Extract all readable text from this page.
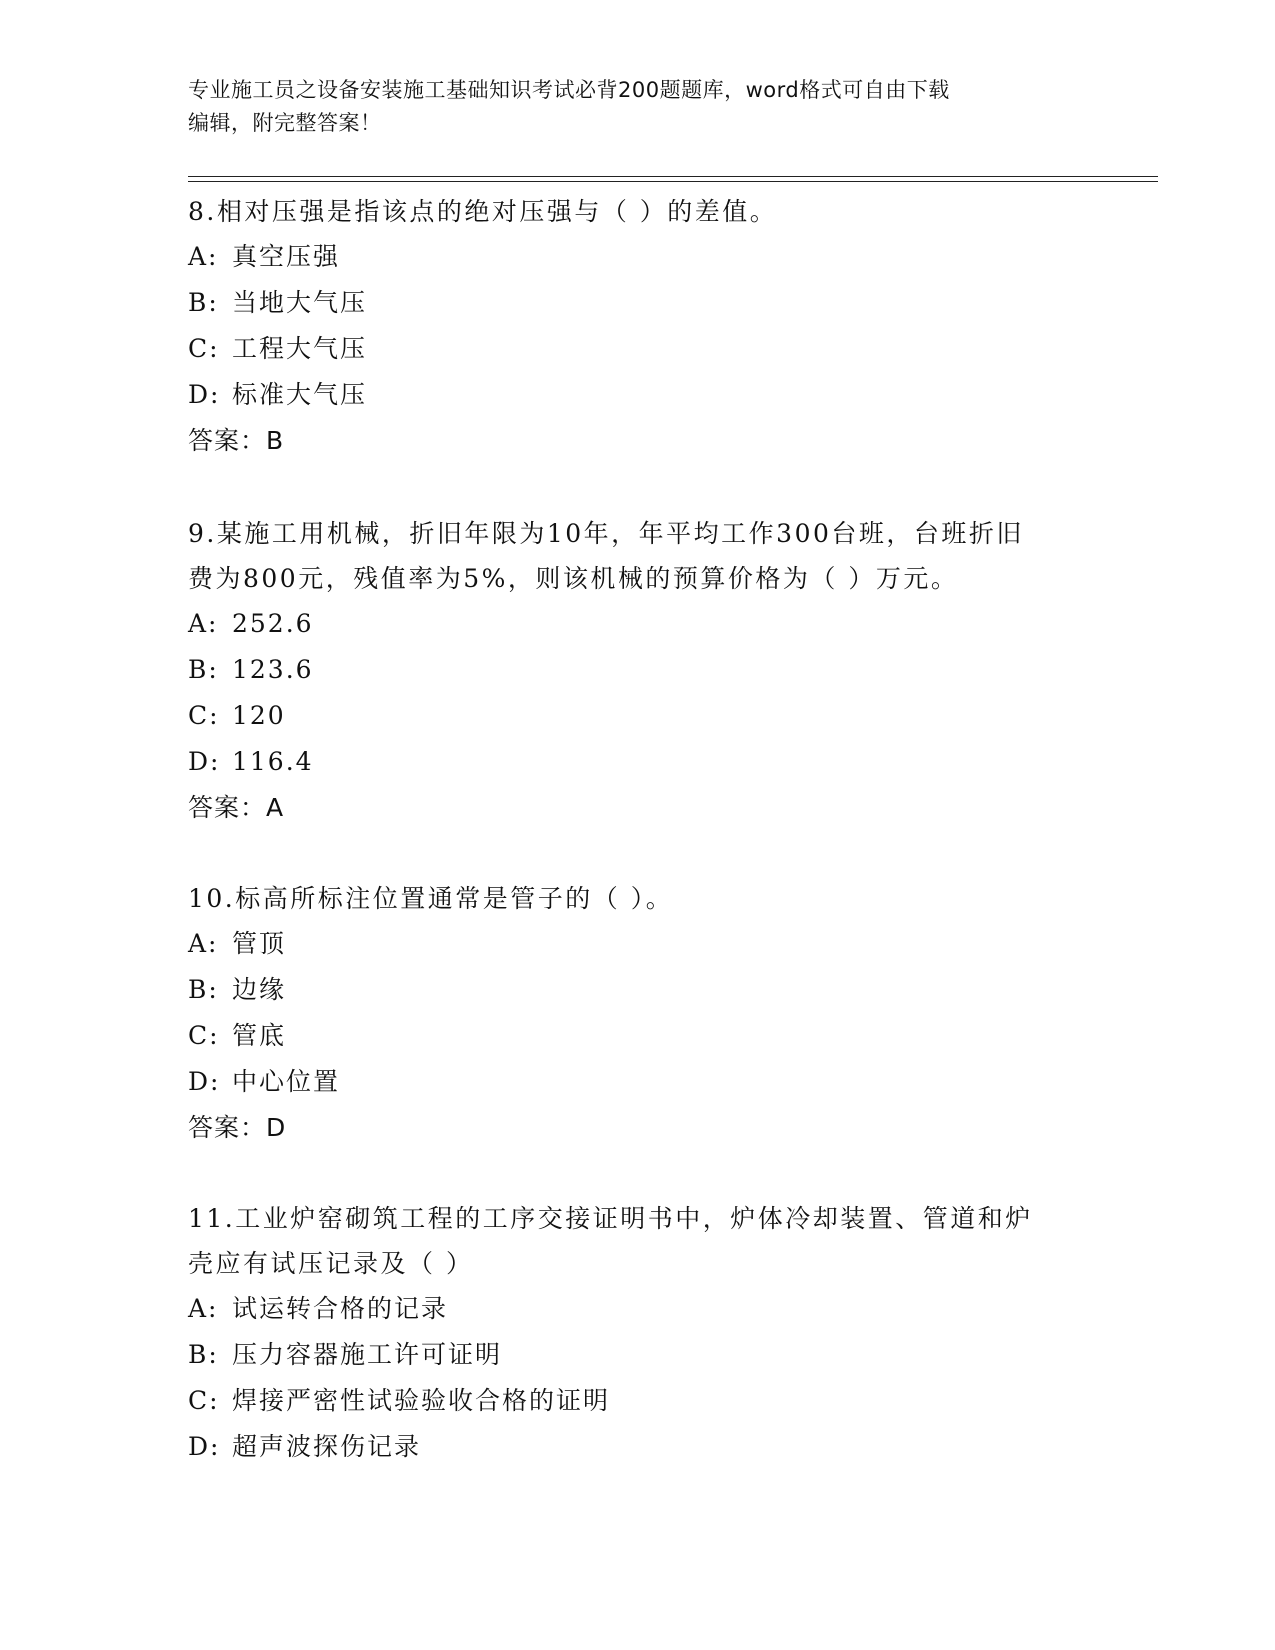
专业施工员之设备安装施工基础知识考试必背200题题库，word格式可自由下载
编辑，附完整答案！
8.相对压强是指该点的绝对压强与（ ）的差值。
A: 真空压强
B: 当地大气压
C: 工程大气压
D: 标准大气压
答案：B
9.某施工用机械，折旧年限为10年，年平均工作300台班，台班折旧
费为800元，残值率为5%，则该机械的预算价格为（ ）万元。
A: 252.6
B: 123.6
C: 120
D: 116.4
答案：A
10.标高所标注位置通常是管子的（ ）。
A: 管顶
B: 边缘
C: 管底
D: 中心位置
答案：D
11.工业炉窑砌筑工程的工序交接证明书中，炉体冷却装置、管道和炉
壳应有试压记录及（ ）
A: 试运转合格的记录
B: 压力容器施工许可证明
C: 焊接严密性试验验收合格的证明
D: 超声波探伤记录
